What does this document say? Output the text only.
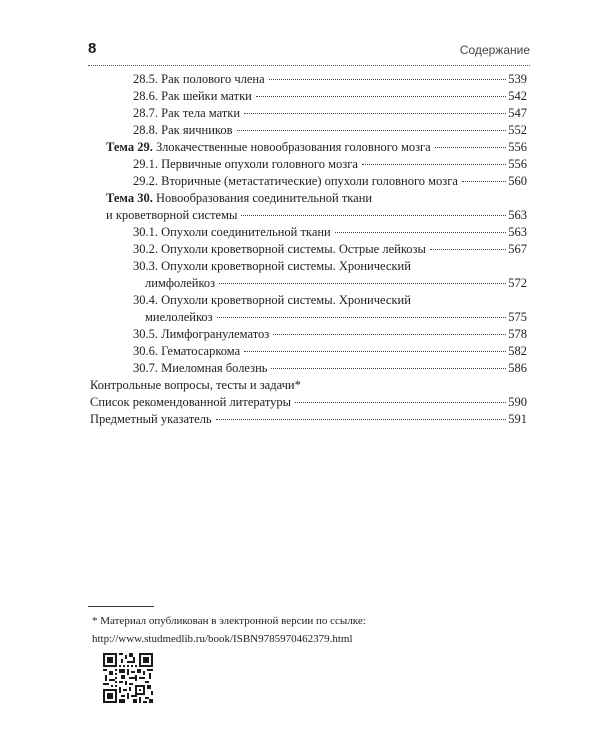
8	Содержание
28.5. Рак полового члена	539
28.6. Рак шейки матки	542
28.7. Рак тела матки	547
28.8. Рак яичников	552
Тема 29. Злокачественные новообразования головного мозга	556
29.1. Первичные опухоли головного мозга	556
29.2. Вторичные (метастатические) опухоли головного мозга	560
Тема 30. Новообразования соединительной ткани
и кроветворной системы	563
30.1. Опухоли соединительной ткани	563
30.2. Опухоли кроветворной системы. Острые лейкозы	567
30.3. Опухоли кроветворной системы. Хронический
лимфолейкоз	572
30.4. Опухоли кроветворной системы. Хронический
миелолейкоз	575
30.5. Лимфогранулематоз	578
30.6. Гематосаркома	582
30.7. Миеломная болезнь	586
Контрольные вопросы, тесты и задачи*
Список рекомендованной литературы	590
Предметный указатель	591
* Материал опубликован в электронной версии по ссылке:
http://www.studmedlib.ru/book/ISBN9785970462379.html
